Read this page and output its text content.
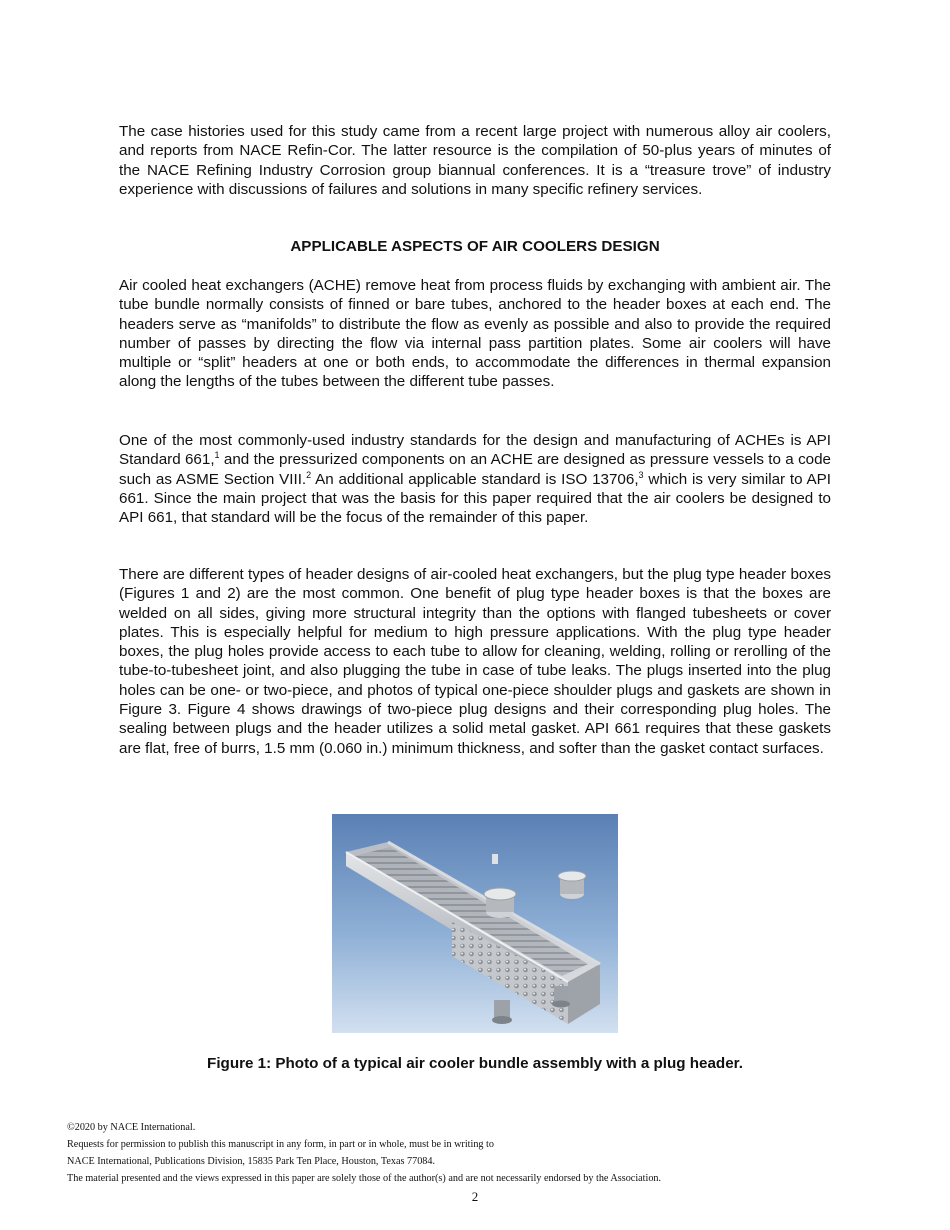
The case histories used for this study came from a recent large project with numerous alloy air coolers, and reports from NACE Refin-Cor. The latter resource is the compilation of 50-plus years of minutes of the NACE Refining Industry Corrosion group biannual conferences. It is a “treasure trove” of industry experience with discussions of failures and solutions in many specific refinery services.

APPLICABLE ASPECTS OF AIR COOLERS DESIGN

Air cooled heat exchangers (ACHE) remove heat from process fluids by exchanging with ambient air. The tube bundle normally consists of finned or bare tubes, anchored to the header boxes at each end. The headers serve as “manifolds” to distribute the flow as evenly as possible and also to provide the required number of passes by directing the flow via internal pass partition plates. Some air coolers will have multiple or “split” headers at one or both ends, to accommodate the differences in thermal expansion along the lengths of the tubes between the different tube passes.

One of the most commonly-used industry standards for the design and manufacturing of ACHEs is API Standard 661,$^1$ and the pressurized components on an ACHE are designed as pressure vessels to a code such as ASME Section VIII.$^2$ An additional applicable standard is ISO 13706,$^3$ which is very similar to API 661. Since the main project that was the basis for this paper required that the air coolers be designed to API 661, that standard will be the focus of the remainder of this paper.

There are different types of header designs of air-cooled heat exchangers, but the plug type header boxes (Figures 1 and 2) are the most common. One benefit of plug type header boxes is that the boxes are welded on all sides, giving more structural integrity than the options with flanged tubesheets or cover plates. This is especially helpful for medium to high pressure applications. With the plug type header boxes, the plug holes provide access to each tube to allow for cleaning, welding, rolling or rerolling of the tube-to-tubesheet joint, and also plugging the tube in case of tube leaks. The plugs inserted into the plug holes can be one- or two-piece, and photos of typical one-piece shoulder plugs and gaskets are shown in Figure 3. Figure 4 shows drawings of two-piece plug designs and their corresponding plug holes. The sealing between plugs and the header utilizes a solid metal gasket. API 661 requires that these gaskets are flat, free of burrs, 1.5 mm (0.060 in.) minimum thickness, and softer than the gasket contact surfaces.

Figure 1: Photo of a typical air cooler bundle assembly with a plug header.

©2020 by NACE International.
Requests for permission to publish this manuscript in any form, in part or in whole, must be in writing to
NACE International, Publications Division, 15835 Park Ten Place, Houston, Texas 77084.
The material presented and the views expressed in this paper are solely those of the author(s) and are not necessarily endorsed by the Association.
2
